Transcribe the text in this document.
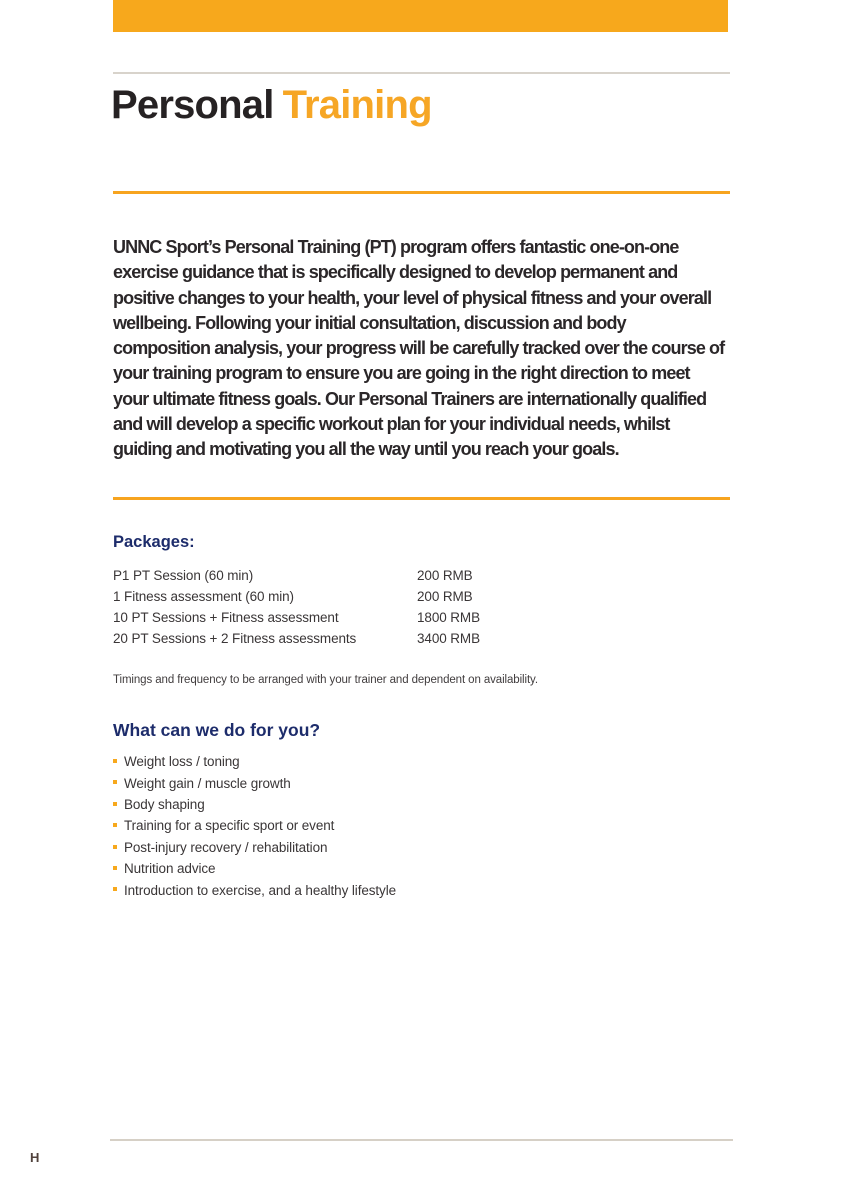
Personal Training

UNNC Sport’s Personal Training (PT) program offers fantastic one-on-one exercise guidance that is specifically designed to develop permanent and positive changes to your health, your level of physical fitness and your overall wellbeing. Following your initial consultation, discussion and body composition analysis, your progress will be carefully tracked over the course of your training program to ensure you are going in the right direction to meet your ultimate fitness goals. Our Personal Trainers are internationally qualified and will develop a specific workout plan for your individual needs, whilst guiding and motivating you all the way until you reach your goals.

Packages:
P1 PT Session (60 min)	200 RMB
1 Fitness assessment (60 min)	200 RMB
10 PT Sessions + Fitness assessment	1800 RMB
20 PT Sessions + 2 Fitness assessments	3400 RMB
Timings and frequency to be arranged with your trainer and dependent on availability.
What can we do for you?
Weight loss / toning
Weight gain / muscle growth
Body shaping
Training for a specific sport or event
Post-injury recovery / rehabilitation
Nutrition advice
Introduction to exercise, and a healthy lifestyle
H
